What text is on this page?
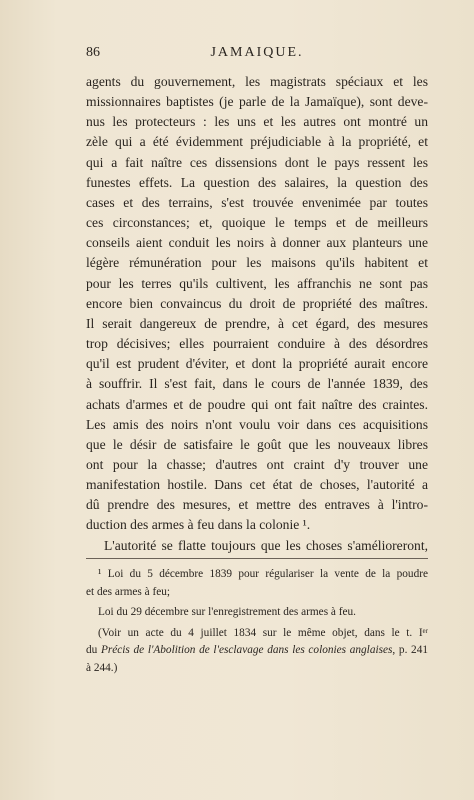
86	JAMAIQUE.
agents du gouvernement, les magistrats spéciaux et les
missionnaires baptistes (je parle de la Jamaïque), sont deve-
nus les protecteurs : les uns et les autres ont montré un
zèle qui a été évidemment préjudiciable à la propriété, et
qui a fait naître ces dissensions dont le pays ressent les
funestes effets. La question des salaires, la question des
cases et des terrains, s'est trouvée envenimée par toutes
ces circonstances; et, quoique le temps et de meilleurs
conseils aient conduit les noirs à donner aux planteurs une
légère rémunération pour les maisons qu'ils habitent et
pour les terres qu'ils cultivent, les affranchis ne sont pas
encore bien convaincus du droit de propriété des maîtres.
Il serait dangereux de prendre, à cet égard, des mesures
trop décisives; elles pourraient conduire à des désordres
qu'il est prudent d'éviter, et dont la propriété aurait encore
à souffrir. Il s'est fait, dans le cours de l'année 1839, des
achats d'armes et de poudre qui ont fait naître des craintes.
Les amis des noirs n'ont voulu voir dans ces acquisitions
que le désir de satisfaire le goût que les nouveaux libres
ont pour la chasse; d'autres ont craint d'y trouver une
manifestation hostile. Dans cet état de choses, l'autorité a
dû prendre des mesures, et mettre des entraves à l'intro-
duction des armes à feu dans la colonie ¹.
L'autorité se flatte toujours que les choses s'amélioreront,
¹ Loi du 5 décembre 1839 pour régulariser la vente de la poudre
et des armes à feu;
Loi du 29 décembre sur l'enregistrement des armes à feu.
(Voir un acte du 4 juillet 1834 sur le même objet, dans le t. Iᵉʳ
du Précis de l'Abolition de l'esclavage dans les colonies anglaises, p. 241
à 244.)
